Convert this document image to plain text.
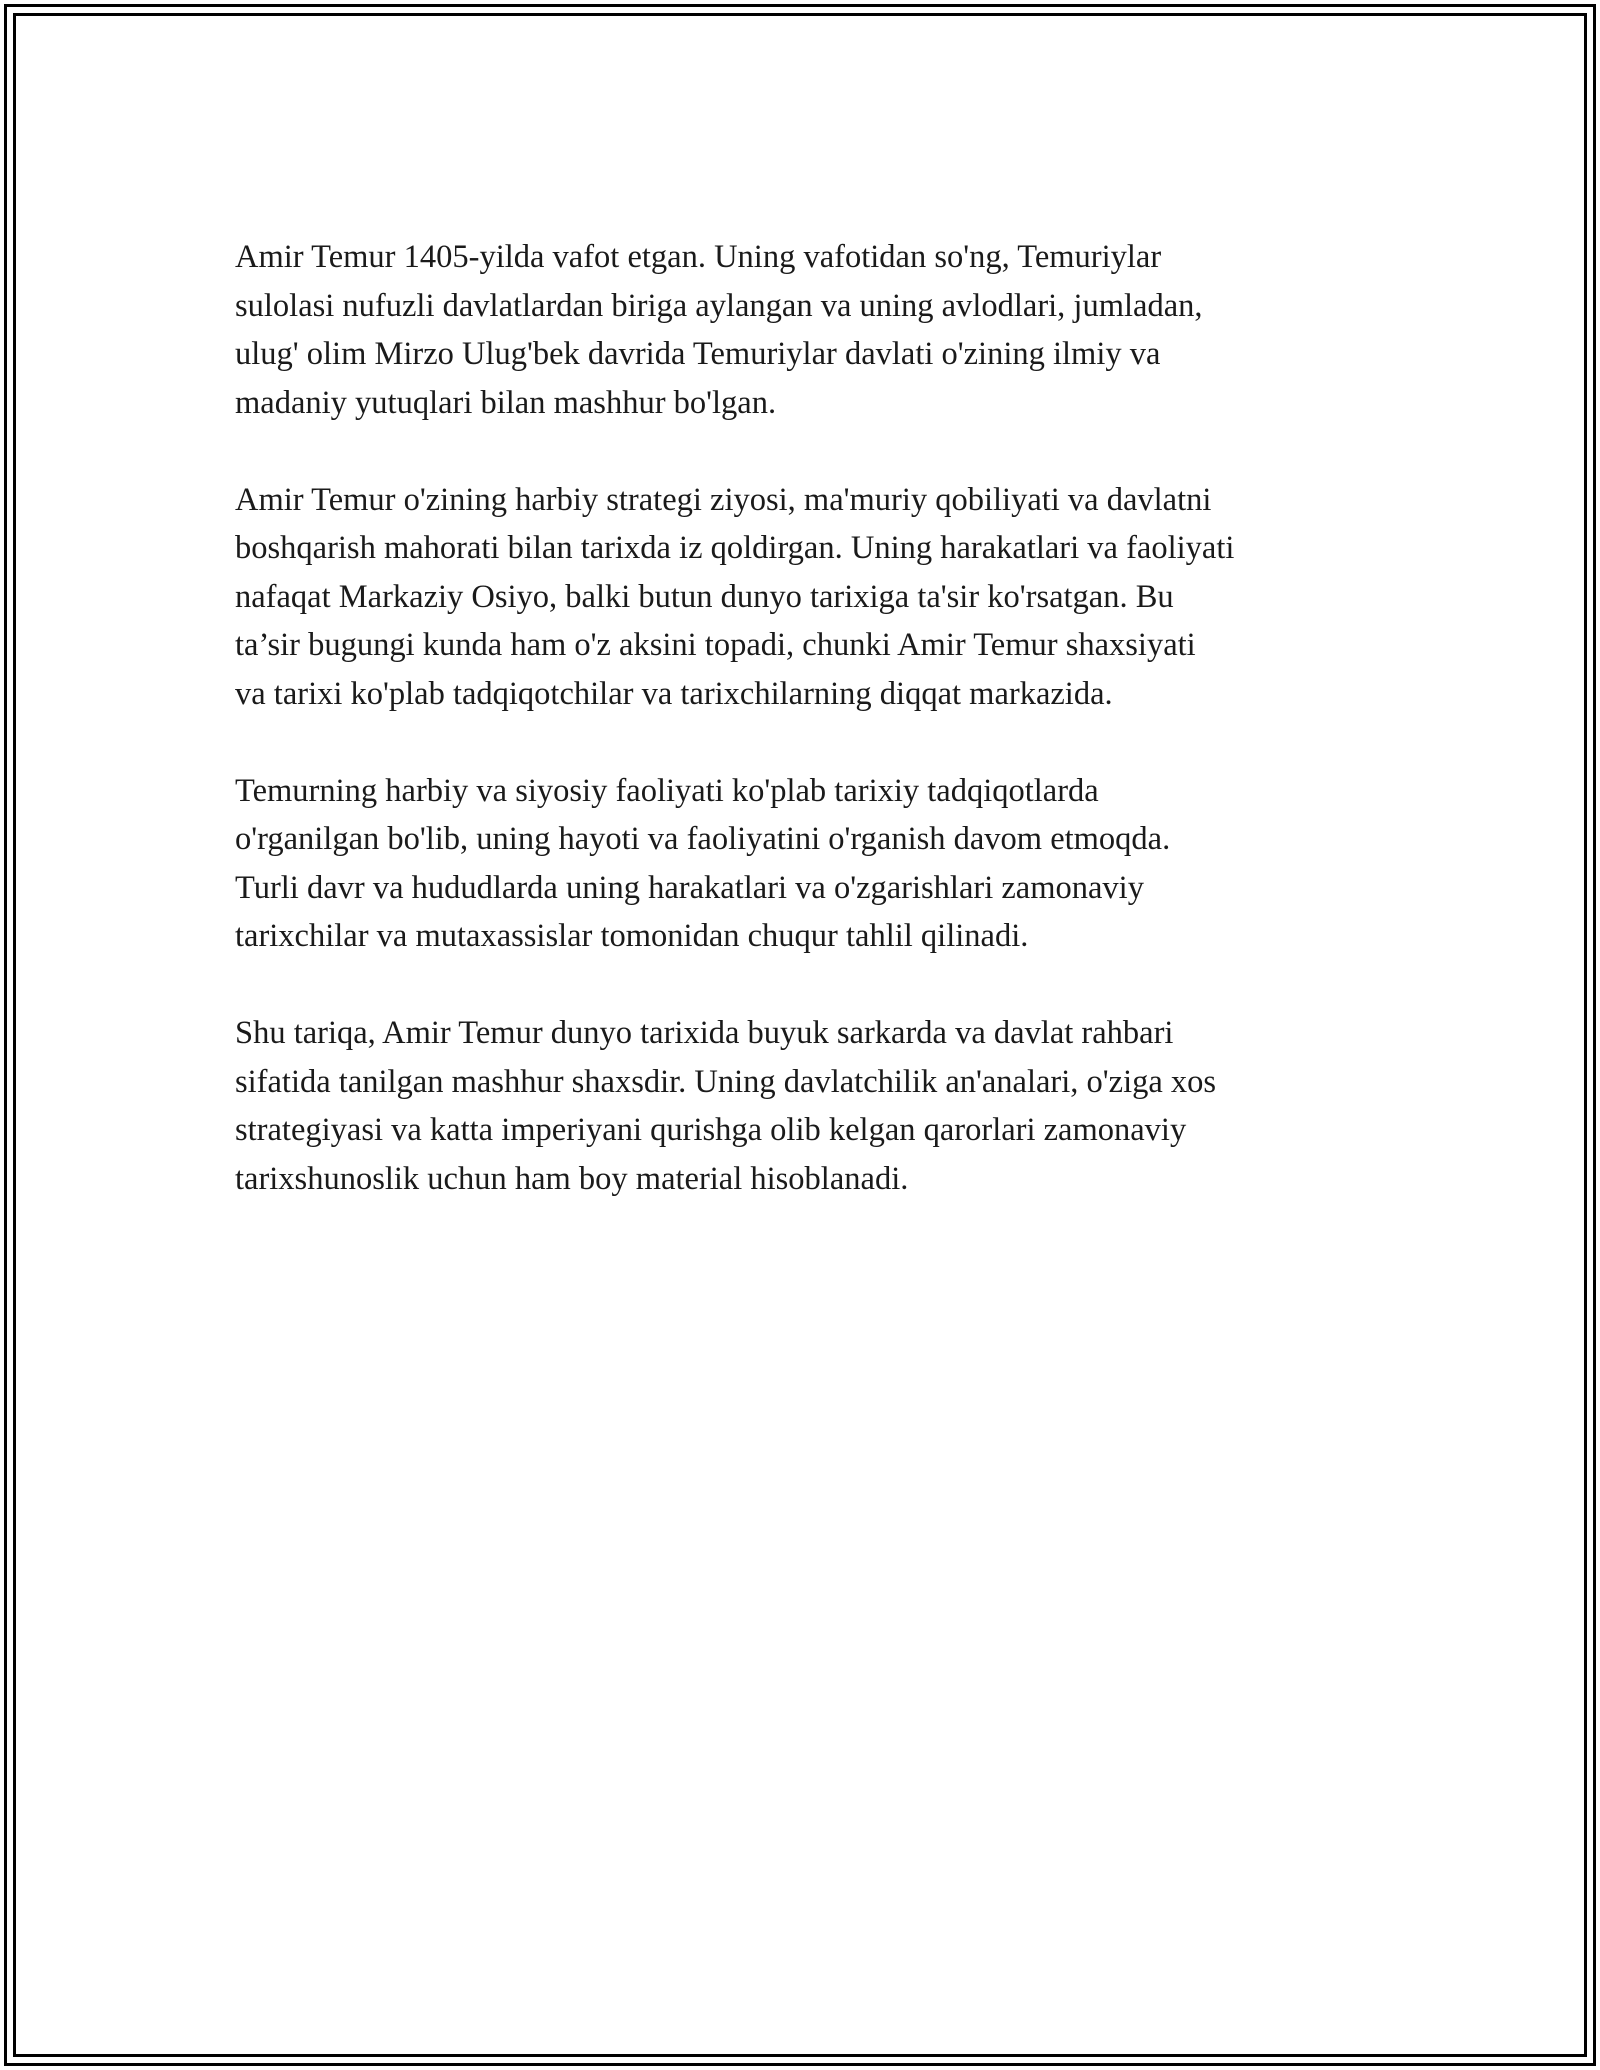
Amir Temur 1405-yilda vafot etgan. Uning vafotidan so'ng, Temuriylar
sulolasi nufuzli davlatlardan biriga aylangan va uning avlodlari, jumladan,
ulug' olim Mirzo Ulug'bek davrida Temuriylar davlati o'zining ilmiy va
madaniy yutuqlari bilan mashhur bo'lgan.

Amir Temur o'zining harbiy strategi ziyosi, ma'muriy qobiliyati va davlatni
boshqarish mahorati bilan tarixda iz qoldirgan. Uning harakatlari va faoliyati
nafaqat Markaziy Osiyo, balki butun dunyo tarixiga ta'sir ko'rsatgan. Bu
ta’sir bugungi kunda ham o'z aksini topadi, chunki Amir Temur shaxsiyati
va tarixi ko'plab tadqiqotchilar va tarixchilarning diqqat markazida.

Temurning harbiy va siyosiy faoliyati ko'plab tarixiy tadqiqotlarda
o'rganilgan bo'lib, uning hayoti va faoliyatini o'rganish davom etmoqda.
Turli davr va hududlarda uning harakatlari va o'zgarishlari zamonaviy
tarixchilar va mutaxassislar tomonidan chuqur tahlil qilinadi.

Shu tariqa, Amir Temur dunyo tarixida buyuk sarkarda va davlat rahbari
sifatida tanilgan mashhur shaxsdir. Uning davlatchilik an'analari, o'ziga xos
strategiyasi va katta imperiyani qurishga olib kelgan qarorlari zamonaviy
tarixshunoslik uchun ham boy material hisoblanadi.
